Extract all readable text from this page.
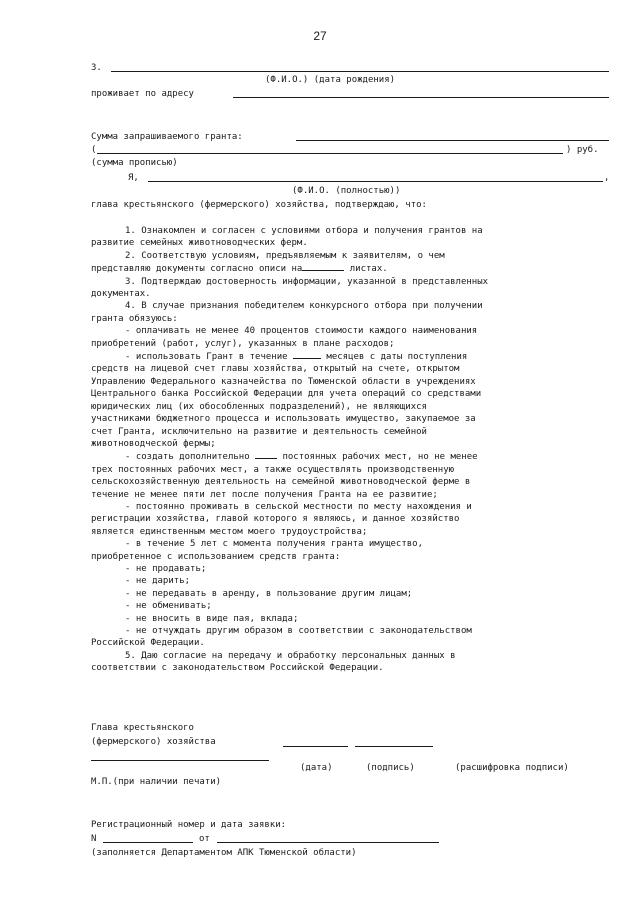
27
3.
(Ф.И.О.) (дата рождения)
проживает по адресу
Сумма запрашиваемого гранта:
(	) руб.
(сумма прописью)
Я,	,
(Ф.И.О. (полностью))
глава крестьянского (фермерского) хозяйства, подтверждаю, что:

1. Ознакомлен и согласен с условиями отбора и получения грантов на

развитие семейных животноводческих ферм.

2. Соответствую условиям, предъявляемым к заявителям, о чем

представляю документы согласно описи на	листах.

3. Подтверждаю достоверность информации, указанной в представленных

документах.

4. В случае признания победителем конкурсного отбора при получении

гранта обязуюсь:

- оплачивать не менее 40 процентов стоимости каждого наименования

приобретений (работ, услуг), указанных в плане расходов;

- использовать Грант в течение	месяцев с даты поступления

средств на лицевой счет главы хозяйства, открытый на счете, открытом

Управлению Федерального казначейства по Тюменской области в учреждениях

Центрального банка Российской Федерации для учета операций со средствами

юридических лиц (их обособленных подразделений), не являющихся

участниками бюджетного процесса и использовать имущество, закупаемое за

счет Гранта, исключительно на развитие и деятельность семейной

животноводческой фермы;

- создать дополнительно	постоянных рабочих мест, но не менее

трех постоянных рабочих мест, а также осуществлять производственную

сельскохозяйственную деятельность на семейной животноводческой ферме в

течение не менее пяти лет после получения Гранта на ее развитие;

- постоянно проживать в сельской местности по месту нахождения и

регистрации хозяйства, главой которого я являюсь, и данное хозяйство

является единственным местом моего трудоустройства;

- в течение 5 лет с момента получения гранта имущество,

приобретенное с использованием средств гранта:

- не продавать;

- не дарить;

- не передавать в аренду, в пользование другим лицам;

- не обменивать;

- не вносить в виде пая, вклада;

- не отчуждать другим образом в соответствии с законодательством

Российской Федерации.

5. Даю согласие на передачу и обработку персональных данных в

соответствии с законодательством Российской Федерации.

Глава крестьянского
(фермерского) хозяйства
(дата)	(подпись)	(расшифровка подписи)
М.П.(при наличии печати)
Регистрационный номер и дата заявки:
N	от
(заполняется Департаментом АПК Тюменской области)
